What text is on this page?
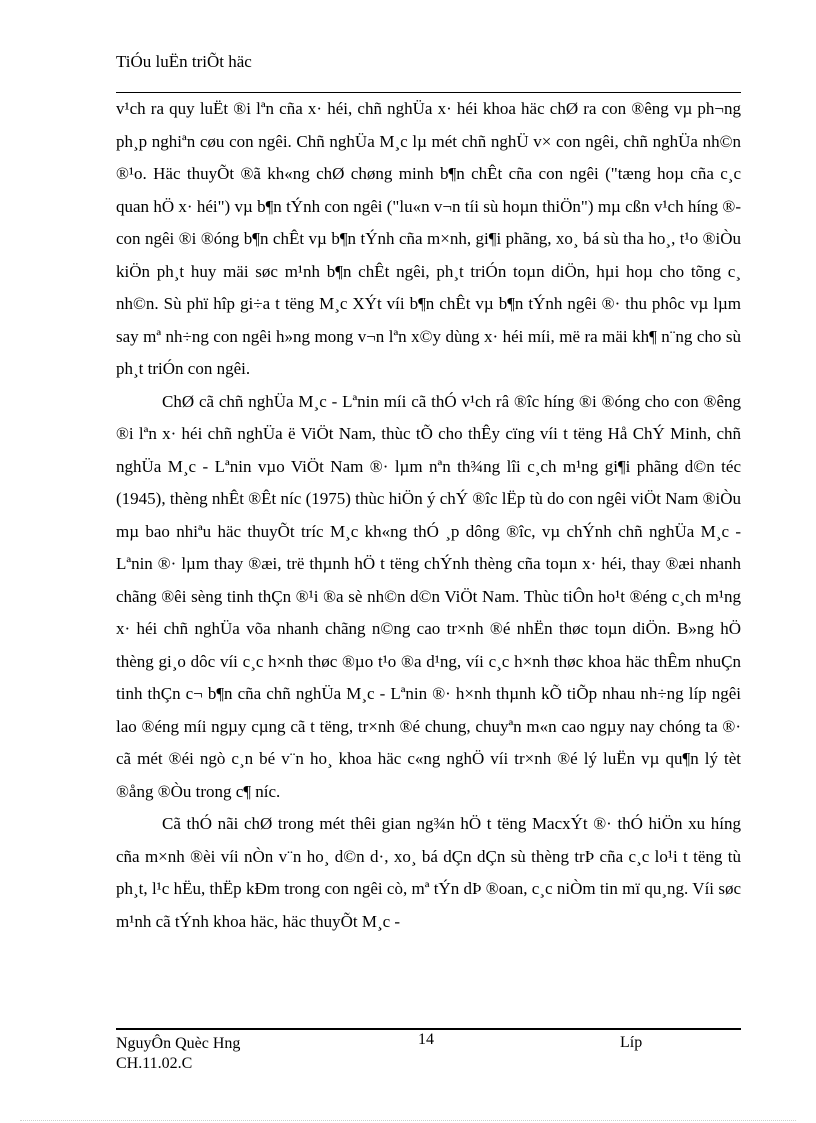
TiÓu luËn triÕt häc

v¹ch ra quy luËt ®i lªn cña x· héi, chñ nghÜa x· héi khoa häc chØ ra con ®êng vµ ph¬ng ph¸p nghiªn cøu con ngêi. Chñ nghÜa M¸c lµ mét chñ nghÜ v× con ngêi, chñ nghÜa nh©n ®¹o. Häc thuyÕt ®ã kh«ng chØ chøng minh b¶n chÊt cña con ngêi ("tæng hoµ cña c¸c quan hÖ x· héi") vµ b¶n tÝnh con ngêi ("lu«n v¬n tíi sù hoµn thiÖn") mµ cßn v¹ch híng ® con ngêi ®i ®óng b¶n chÊt vµ b¶n tÝnh cña m×nh, gi¶i phãng, xo¸ bá sù tha ho¸, t¹o ®iÒu kiÖn ph¸t huy mäi søc m¹nh b¶n chÊt ngêi, ph¸t triÓn toµn diÖn, hµi hoµ cho tõng c¸ nh©n. Sù phï hîp gi÷a t tëng M¸c XÝt víi b¶n chÊt vµ b¶n tÝnh ngêi ®· thu phôc vµ lµm say mª nh÷ng con ngêi h»ng mong v¬n lªn x©y dùng x· héi míi, më ra mäi kh¶ n¨ng cho sù ph¸t triÓn con ngêi.

ChØ cã chñ nghÜa M¸c - Lªnin míi cã thÓ v¹ch râ ®îc híng ®i ®óng cho con ®êng ®i lªn x· héi chñ nghÜa ë ViÖt Nam, thùc tÕ cho thÊy cïng víi t tëng Hå ChÝ Minh, chñ nghÜa M¸c - Lªnin vµo ViÖt Nam ®· lµm nªn th¾ng lîi c¸ch m¹ng gi¶i phãng d©n téc (1945), thèng nhÊt ®Êt níc (1975) thùc hiÖn ý chÝ ®îc lËp tù do con ngêi viÖt Nam ®iÒu mµ bao nhiªu häc thuyÕt tríc M¸c kh«ng thÓ ¸p dông ®îc, vµ chÝnh chñ nghÜa M¸c - Lªnin ®· lµm thay ®æi, trë thµnh hÖ t tëng chÝnh thèng cña toµn x· héi, thay ®æi nhanh chãng ®êi sèng tinh thÇn ®¹i ®a sè nh©n d©n ViÖt Nam. Thùc tiÔn ho¹t ®éng c¸ch m¹ng x· héi chñ nghÜa võa nhanh chãng n©ng cao tr×nh ®é nhËn thøc toµn diÖn. B»ng hÖ thèng gi¸o dôc víi c¸c h×nh thøc ®µo t¹o ®a d¹ng, víi c¸c h×nh thøc khoa häc thÊm nhuÇn tinh thÇn c¬ b¶n cña chñ nghÜa M¸c - Lªnin ®· h×nh thµnh kÕ tiÕp nhau nh÷ng líp ngêi lao ®éng míi ngµy cµng cã t tëng, tr×nh ®é chung, chuyªn m«n cao ngµy nay chóng ta ®· cã mét ®éi ngò c¸n bé v¨n ho¸ khoa häc c«ng nghÖ víi tr×nh ®é lý luËn vµ qu¶n lý tèt ®ång ®Òu trong c¶ níc.

Cã thÓ nãi chØ trong mét thêi gian ng¾n hÖ t tëng MacxÝt ®· thÓ hiÖn xu híng cña m×nh ®èi víi nÒn v¨n ho¸ d©n d·, xo¸ bá dÇn dÇn sù thèng trÞ cña c¸c lo¹i t tëng tù ph¸t, l¹c hËu, thËp kÐm trong con ngêi cò, mª tÝn dÞ ®oan, c¸c niÒm tin mï qu¸ng. Víi søc m¹nh cã tÝnh khoa häc, häc thuyÕt M¸c -

NguyÔn Quèc Hng
CH.11.02.C
14	Líp
